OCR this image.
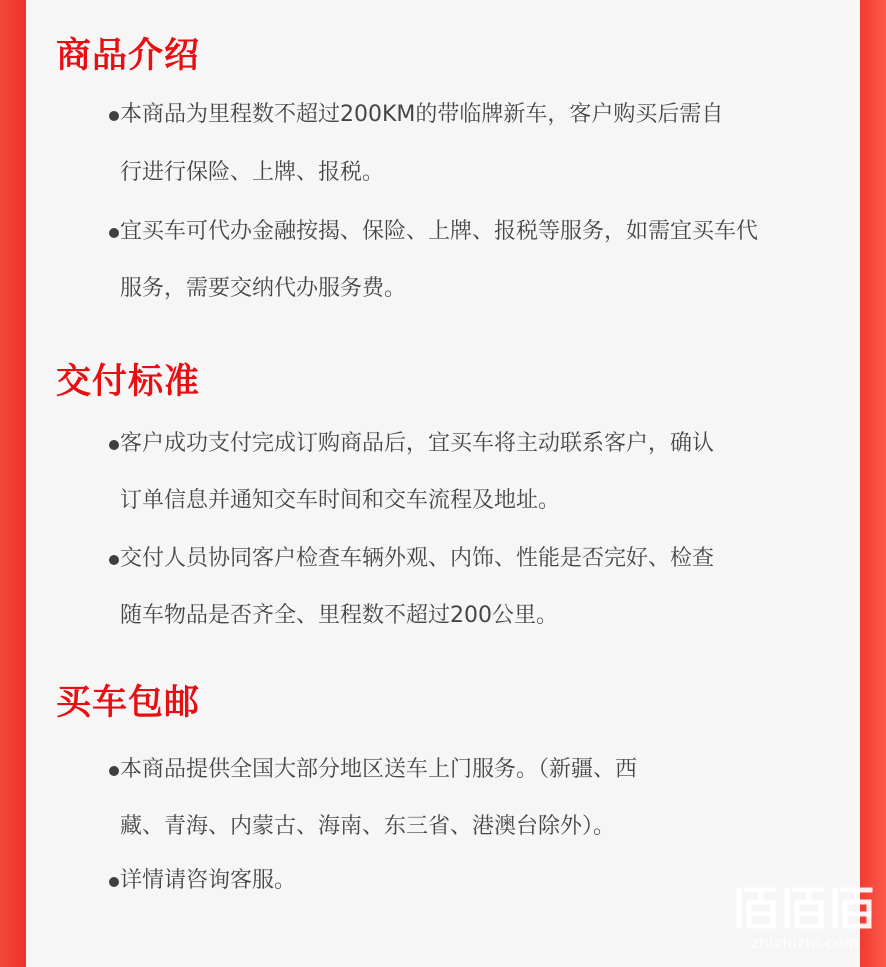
商品介绍
本商品为里程数不超过200KM的带临牌新车，客户购买后需自
行进行保险、上牌、报税。
宜买车可代办金融按揭、保险、上牌、报税等服务，如需宜买车代
服务，需要交纳代办服务费。
交付标准
客户成功支付完成订购商品后，宜买车将主动联系客户，确认
订单信息并通知交车时间和交车流程及地址。
交付人员协同客户检查车辆外观、内饰、性能是否完好、检查
随车物品是否齐全、里程数不超过200公里。
买车包邮
本商品提供全国大部分地区送车上门服务。（新疆、西
藏、青海、内蒙古、海南、东三省、港澳台除外）。
详情请咨询客服。
zhizhizhi.com
